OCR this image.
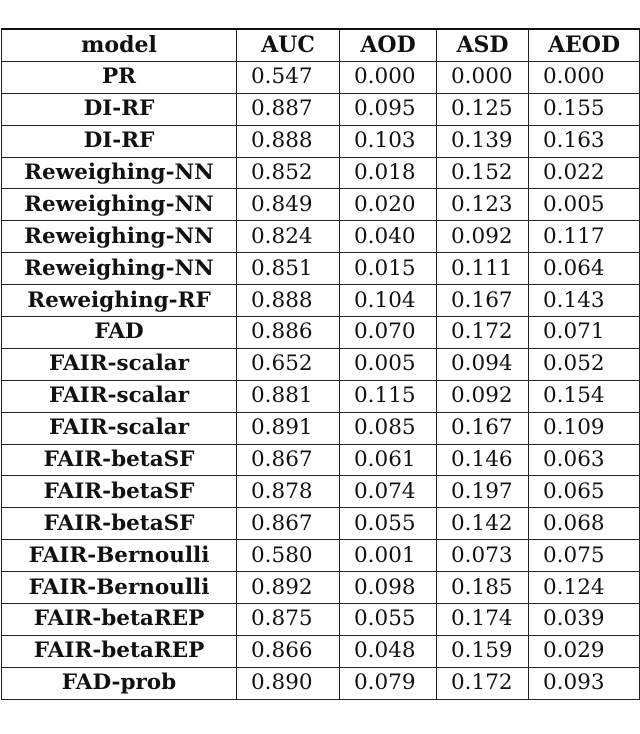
model	AUC	AOD	ASD	AEOD
PR	0.547	0.000	0.000	0.000
DI-RF	0.887	0.095	0.125	0.155
DI-RF	0.888	0.103	0.139	0.163
Reweighing-NN	0.852	0.018	0.152	0.022
Reweighing-NN	0.849	0.020	0.123	0.005
Reweighing-NN	0.824	0.040	0.092	0.117
Reweighing-NN	0.851	0.015	0.111	0.064
Reweighing-RF	0.888	0.104	0.167	0.143
FAD	0.886	0.070	0.172	0.071
FAIR-scalar	0.652	0.005	0.094	0.052
FAIR-scalar	0.881	0.115	0.092	0.154
FAIR-scalar	0.891	0.085	0.167	0.109
FAIR-betaSF	0.867	0.061	0.146	0.063
FAIR-betaSF	0.878	0.074	0.197	0.065
FAIR-betaSF	0.867	0.055	0.142	0.068
FAIR-Bernoulli	0.580	0.001	0.073	0.075
FAIR-Bernoulli	0.892	0.098	0.185	0.124
FAIR-betaREP	0.875	0.055	0.174	0.039
FAIR-betaREP	0.866	0.048	0.159	0.029
FAD-prob	0.890	0.079	0.172	0.093
